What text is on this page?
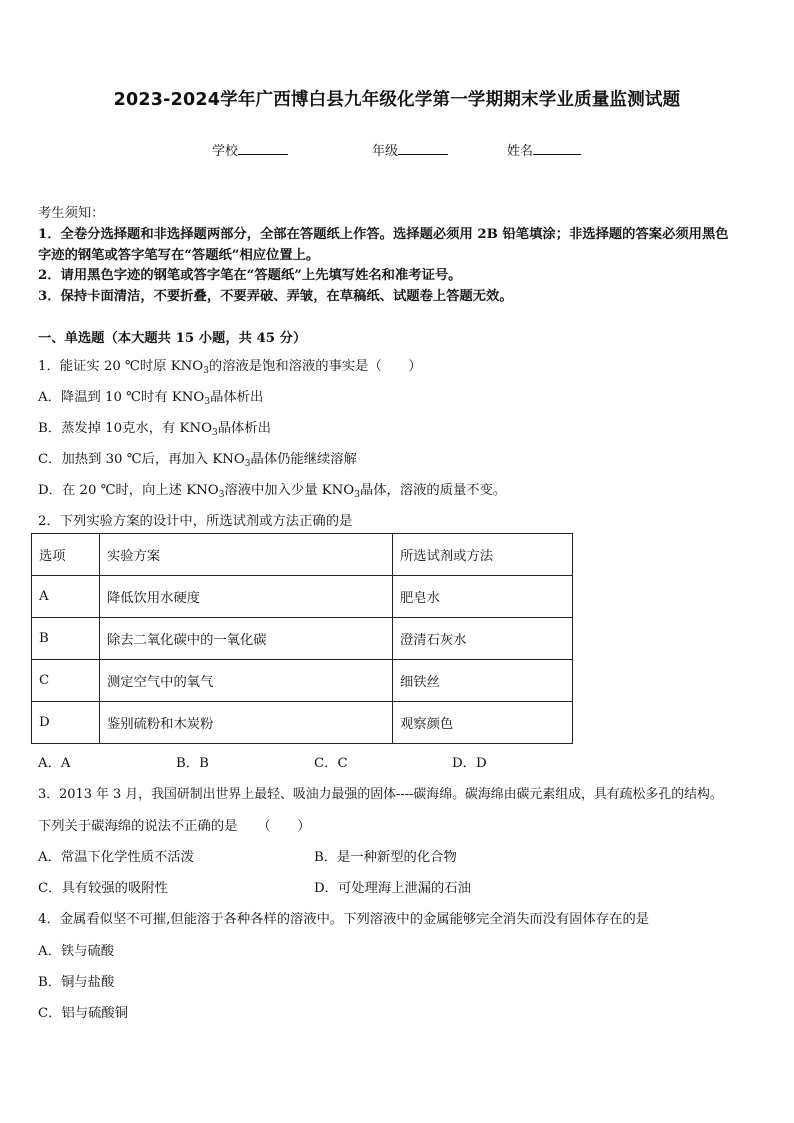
2023-2024学年广西博白县九年级化学第一学期期末学业质量监测试题
学校	年级	姓名
考生须知：
1．全卷分选择题和非选择题两部分，全部在答题纸上作答。选择题必须用 2B 铅笔填涂；非选择题的答案必须用黑色
字迹的钢笔或答字笔写在“答题纸”相应位置上。
2．请用黑色字迹的钢笔或答字笔在“答题纸”上先填写姓名和准考证号。
3．保持卡面清洁，不要折叠，不要弄破、弄皱，在草稿纸、试题卷上答题无效。
一、单选题（本大题共 15 小题，共 45 分）
1．能证实 20 ℃时原 $KNO_3$的溶液是饱和溶液的事实是（　　）
A．降温到 10 ℃时有 $KNO_3$晶体析出
B．蒸发掉 10克水，有 $KNO_3$晶体析出
C．加热到 30 ℃后，再加入 $KNO_3$晶体仍能继续溶解
D．在 20 ℃时，向上述 $KNO_3$溶液中加入少量 $KNO_3$晶体，溶液的质量不变。
2．下列实验方案的设计中，所选试剂或方法正确的是
选项	实验方案	所选试剂或方法
A	降低饮用水硬度	肥皂水
B	除去二氧化碳中的一氧化碳	澄清石灰水
C	测定空气中的氧气	细铁丝
D	鉴别硫粉和木炭粉	观察颜色
A．A	B．B	C．C	D．D
3．2013 年 3 月，我国研制出世界上最轻、吸油力最强的固体----碳海绵。碳海绵由碳元素组成，具有疏松多孔的结构。
下列关于碳海绵的说法不正确的是　　（　　）
A．常温下化学性质不活泼	B．是一种新型的化合物
C．具有较强的吸附性	D．可处理海上泄漏的石油
4．金属看似坚不可摧,但能溶于各种各样的溶液中。下列溶液中的金属能够完全消失而没有固体存在的是
A．铁与硫酸
B．铜与盐酸
C．铝与硫酸铜
